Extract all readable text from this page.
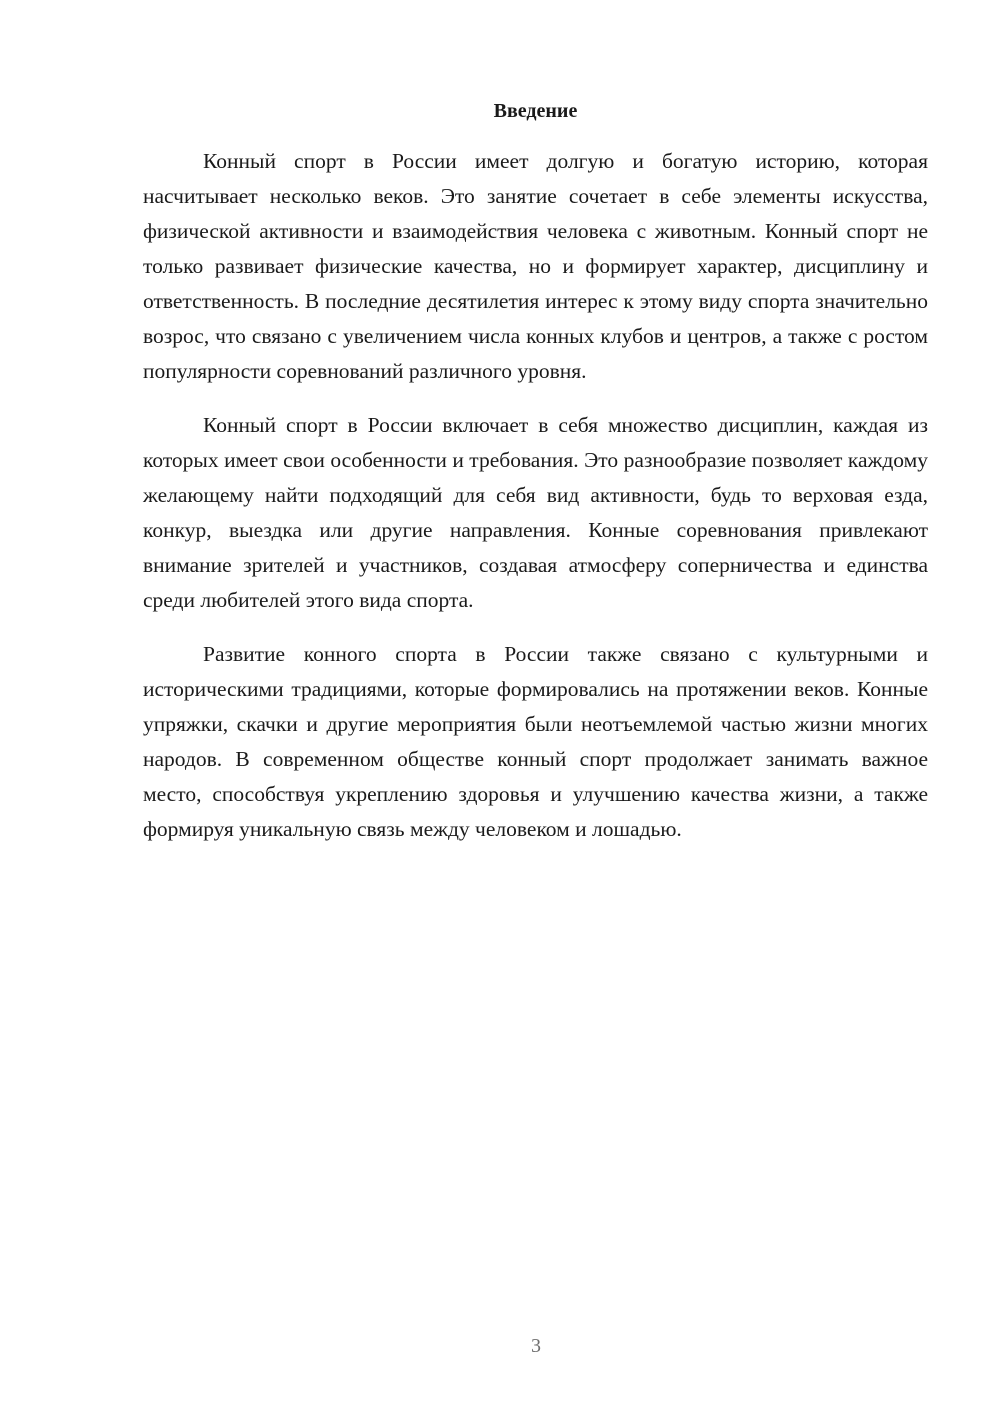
Введение

Конный спорт в России имеет долгую и богатую историю, которая насчитывает несколько веков. Это занятие сочетает в себе элементы искусства, физической активности и взаимодействия человека с животным. Конный спорт не только развивает физические качества, но и формирует характер, дисциплину и ответственность. В последние десятилетия интерес к этому виду спорта значительно возрос, что связано с увеличением числа конных клубов и центров, а также с ростом популярности соревнований различного уровня.

Конный спорт в России включает в себя множество дисциплин, каждая из которых имеет свои особенности и требования. Это разнообразие позволяет каждому желающему найти подходящий для себя вид активности, будь то верховая езда, конкур, выездка или другие направления. Конные соревнования привлекают внимание зрителей и участников, создавая атмосферу соперничества и единства среди любителей этого вида спорта.

Развитие конного спорта в России также связано с культурными и историческими традициями, которые формировались на протяжении веков. Конные упряжки, скачки и другие мероприятия были неотъемлемой частью жизни многих народов. В современном обществе конный спорт продолжает занимать важное место, способствуя укреплению здоровья и улучшению качества жизни, а также формируя уникальную связь между человеком и лошадью.

3
